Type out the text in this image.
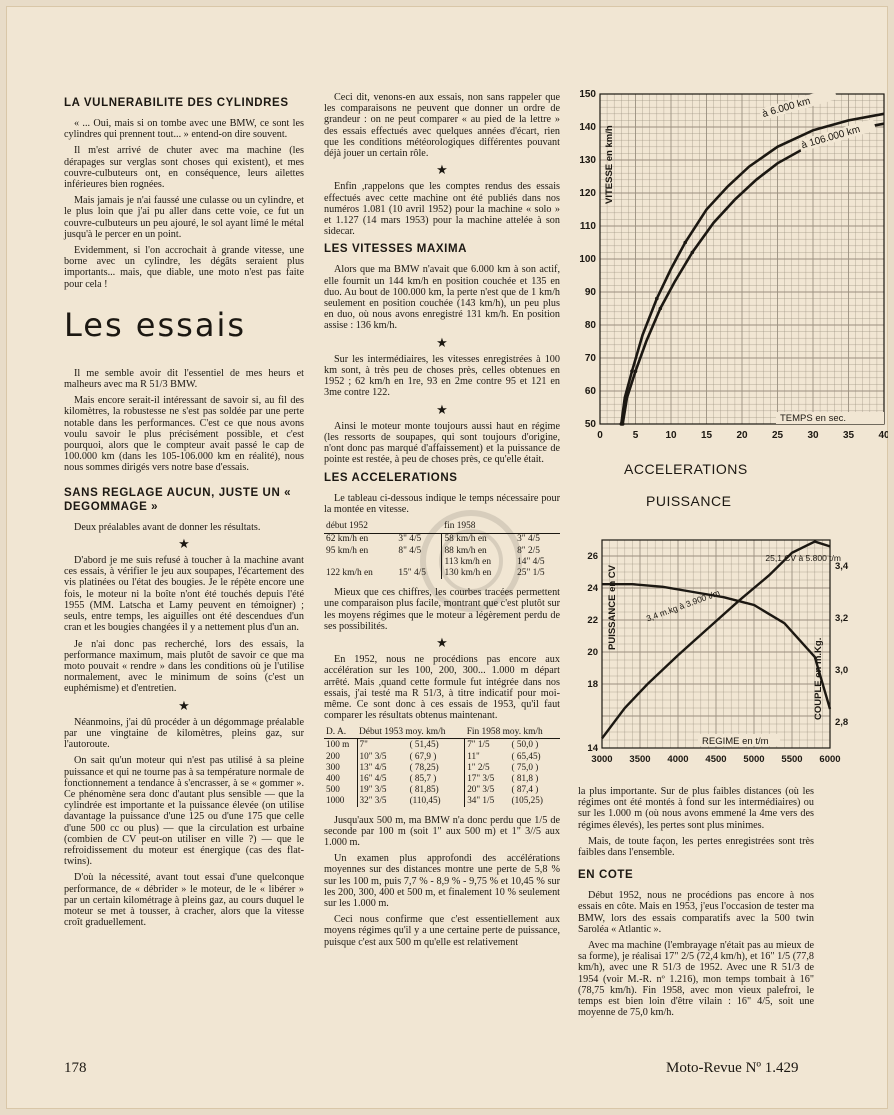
LA VULNERABILITE DES CYLINDRES

« ... Oui, mais si on tombe avec une BMW, ce sont les cylindres qui prennent tout... » entend-on dire souvent.

Il m'est arrivé de chuter avec ma machine (les dérapages sur verglas sont choses qui existent), et mes couvre-culbuteurs ont, en conséquence, leurs ailettes inférieures bien rognées.

Mais jamais je n'ai faussé une culasse ou un cylindre, et le plus loin que j'ai pu aller dans cette voie, ce fut un couvre-culbuteurs un peu ajouré, le sol ayant limé le métal jusqu'à le percer en un point.

Evidemment, si l'on accrochait à grande vitesse, une borne avec un cylindre, les dégâts seraient plus importants... mais, que diable, une moto n'est pas faite pour cela !

Les essais

Il me semble avoir dit l'essentiel de mes heurs et malheurs avec ma R 51/3 BMW.

Mais encore serait-il intéressant de savoir si, au fil des kilomètres, la robustesse ne s'est pas soldée par une perte notable dans les performances. C'est ce que nous avons voulu savoir le plus précisément possible, et c'est pourquoi, alors que le compteur avait passé le cap de 100.000 km (dans les 105-106.000 km en réalité), nous nous sommes dirigés vers notre base d'essais.

SANS REGLAGE AUCUN, JUSTE UN « DEGOMMAGE »

Deux préalables avant de donner les résultats.

★

D'abord je me suis refusé à toucher à la machine avant ces essais, à vérifier le jeu aux soupapes, l'écartement des vis platinées ou l'état des bougies. Je le répète encore une fois, le moteur ni la boîte n'ont été touchés depuis l'été 1955 (MM. Latscha et Lamy peuvent en témoigner) ; seuls, entre temps, les aiguilles ont été descendues d'un cran et les bougies changées il y a nettement plus d'un an.

Je n'ai donc pas recherché, lors des essais, la performance maximum, mais plutôt de savoir ce que ma moto pouvait « rendre » dans les conditions où je l'utilise normalement, avec le minimum de soins (c'est un euphémisme) et d'entretien.

★

Néanmoins, j'ai dû procéder à un dégommage préalable par une vingtaine de kilomètres, pleins gaz, sur l'autoroute.

On sait qu'un moteur qui n'est pas utilisé à sa pleine puissance et qui ne tourne pas à sa température normale de fonctionnement a tendance à s'encrasser, à se « gommer ». Ce phénomène sera donc d'autant plus sensible — que la cylindrée est importante et la puissance élevée (on utilise davantage la puissance d'une 125 ou d'une 175 que celle d'une 500 cc ou plus) — que la circulation est urbaine (combien de CV peut-on utiliser en ville ?) — que le refroidissement du moteur est énergique (cas des flat-twins).

D'où la nécessité, avant tout essai d'une quelconque performance, de « débrider » le moteur, de le « libérer » par un certain kilométrage à pleins gaz, au cours duquel le moteur se met à tousser, à cracher, alors que la vitesse croît graduellement.

Ceci dit, venons-en aux essais, non sans rappeler que les comparaisons ne peuvent que donner un ordre de grandeur : on ne peut comparer « au pied de la lettre » des essais effectués avec quelques années d'écart, rien que les conditions météorologiques différentes pouvant déjà jouer un certain rôle.

★

Enfin ,rappelons que les comptes rendus des essais effectués avec cette machine ont été publiés dans nos numéros 1.081 (10 avril 1952) pour la machine « solo » et 1.127 (14 mars 1953) pour la machine attelée à son sidecar.

LES VITESSES MAXIMA

Alors que ma BMW n'avait que 6.000 km à son actif, elle fournit un 144 km/h en position couchée et 135 en duo. Au bout de 100.000 km, la perte n'est que de 1 km/h seulement en position couchée (143 km/h), un peu plus en duo, où nous avons enregistré 131 km/h. En position assise : 136 km/h.

★

Sur les intermédiaires, les vitesses enregistrées à 100 km sont, à très peu de choses près, celles obtenues en 1952 ; 62 km/h en 1re, 93 en 2me contre 95 et 121 en 3me contre 122.

★

Ainsi le moteur monte toujours aussi haut en régime (les ressorts de soupapes, qui sont toujours d'origine, n'ont donc pas marqué d'affaissement) et la puissance de pointe est restée, à peu de choses près, ce qu'elle était.

LES ACCELERATIONS

Le tableau ci-dessous indique le temps nécessaire pour la montée en vitesse.

début 1952		fin 1958	
62 km/h en	3" 4/5	58 km/h en	3" 4/5
95 km/h en	8" 4/5	88 km/h en	8" 2/5
		113 km/h en	14" 4/5
122 km/h en	15" 4/5	130 km/h en	25" 1/5

Mieux que ces chiffres, les courbes tracées permettent une comparaison plus facile, montrant que c'est plutôt sur les moyens régimes que le moteur a légèrement perdu de ses possibilités.

★

En 1952, nous ne procédions pas encore aux accélération sur les 100, 200, 300... 1.000 m départ arrêté. Mais ,quand cette formule fut intégrée dans nos essais, j'ai testé ma R 51/3, à titre indicatif pour moi-même. Ce sont donc à ces essais de 1953, qu'il faut comparer les résultats obtenus maintenant.

D. A.	Début 1953 moy. km/h		Fin 1958 moy. km/h	
100 m	7"	( 51,45)	7" 1/5	( 50,0 )
200	10" 3/5	( 67,9 )	11"	( 65,45)
300	13" 4/5	( 78,25)	1" 2/5	( 75,0 )
400	16" 4/5	( 85,7 )	17" 3/5	( 81,8 )
500	19" 3/5	( 81,85)	20" 3/5	( 87,4 )
1000	32" 3/5	(110,45)	34" 1/5	(105,25)

Jusqu'aux 500 m, ma BMW n'a donc perdu que 1/5 de seconde par 100 m (soit 1" aux 500 m) et 1" 3//5 aux 1.000 m.

Un examen plus approfondi des accélérations moyennes sur des distances montre une perte de 5,8 % sur les 100 m, puis 7,7 % - 8,9 % - 9,75 % et 10,45 % sur les 200, 300, 400 et 500 m, et finalement 10 % seulement sur les 1.000 m.

Ceci nous confirme que c'est essentiellement aux moyens régimes qu'il y a une certaine perte de puissance, puisque c'est aux 500 m qu'elle est relativement

la plus importante. Sur de plus faibles distances (où les régimes ont été montés à fond sur les intermédiaires) ou sur les 1.000 m (où nous avons emmené la 4me vers des régimes élevés), les pertes sont plus minimes.

Mais, de toute façon, les pertes enregistrées sont très faibles dans l'ensemble.

EN COTE

Début 1952, nous ne procédions pas encore à nos essais en côte. Mais en 1953, j'eus l'occasion de tester ma BMW, lors des essais comparatifs avec la 500 twin Saroléa « Atlantic ».

Avec ma machine (l'embrayage n'était pas au mieux de sa forme), je réalisai 17" 2/5 (72,4 km/h), et 16" 1/5 (77,8 km/h), avec une R 51/3 de 1952. Avec une R 51/3 de 1954 (voir M.-R. nº 1.216), mon temps tombait à 16" (78,75 km/h). Fin 1958, avec mon vieux palefroi, le temps est bien loin d'être vilain : 16" 4/5, soit une moyenne de 75,0 km/h.

0	5	10 15 20 25 30 35 40
50
60
70
80
90
100
110
120
130
140
150
VITESSE en km/h
TEMPS en sec.
à 6.000 km
à 106.000 km
ACCELERATIONS
PUISSANCE
3000 3500 4000 4500 5000 5500 6000
14
18
20
22
24
26
2,8
3,0
3,2
3,4
PUISSANCE en CV
COUPLE en m.Kg.
REGIME en t/m
25,1 CV à 5.800 t/m
3,4 m.kg à 3.900 t/m
178	Moto-Revue Nº 1.429
